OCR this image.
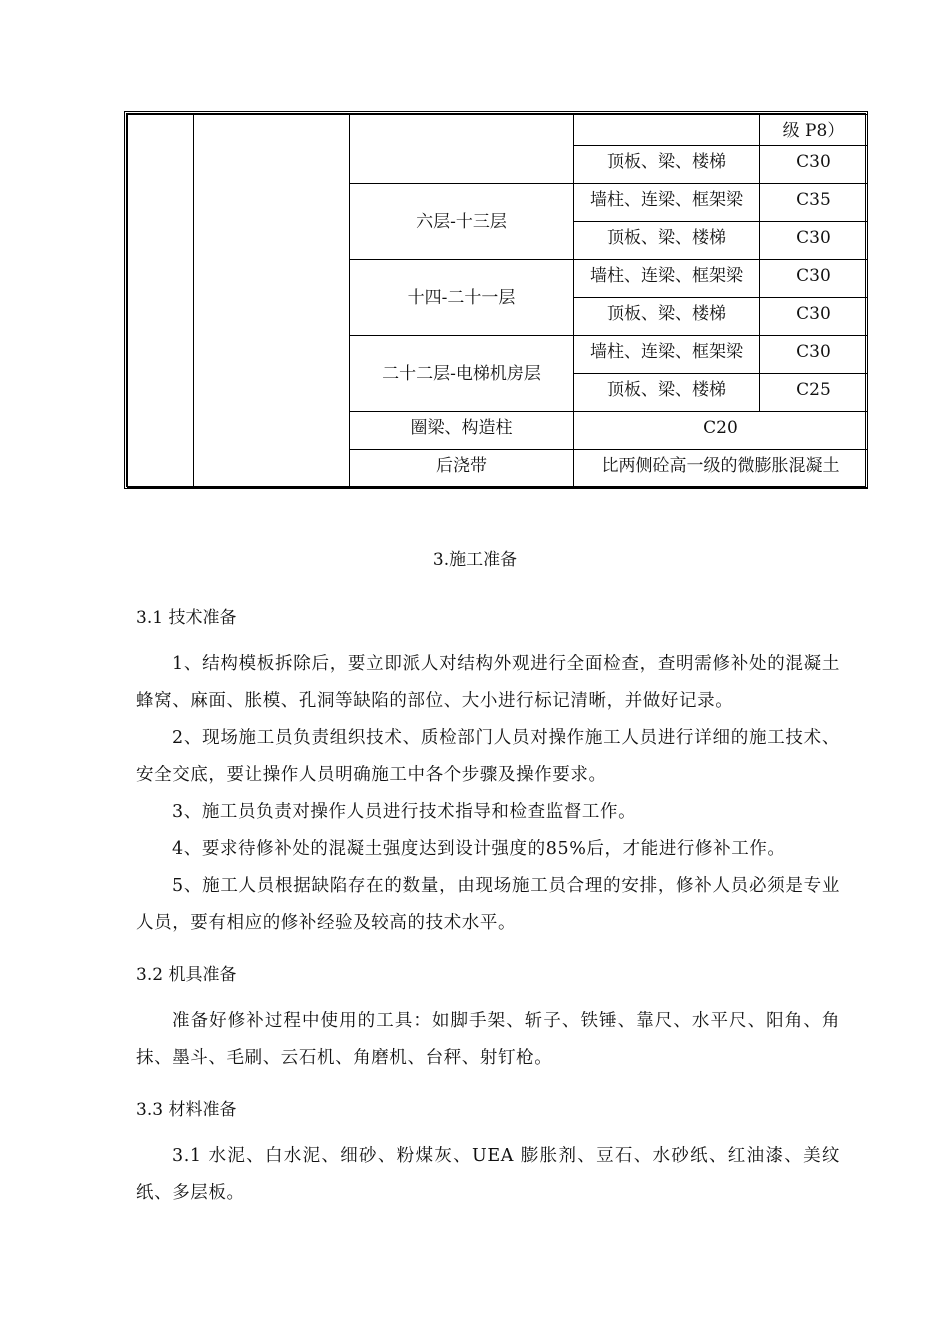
				级 P8）
			顶板、梁、楼梯	C30
		六层-十三层	墙柱、连梁、框架梁	C35
			顶板、梁、楼梯	C30
		十四-二十一层	墙柱、连梁、框架梁	C30
			顶板、梁、楼梯	C30
		二十二层-电梯机房层	墙柱、连梁、框架梁	C30
			顶板、梁、楼梯	C25
		圈梁、构造柱	C20	
		后浇带	比两侧砼高一级的微膨胀混凝土	
3.施工准备
3.1 技术准备
1、结构模板拆除后，要立即派人对结构外观进行全面检查，查明需修补处的混凝土蜂窝、麻面、胀模、孔洞等缺陷的部位、大小进行标记清晰，并做好记录。
2、现场施工员负责组织技术、质检部门人员对操作施工人员进行详细的施工技术、安全交底，要让操作人员明确施工中各个步骤及操作要求。
3、施工员负责对操作人员进行技术指导和检查监督工作。
4、要求待修补处的混凝土强度达到设计强度的85%后，才能进行修补工作。
5、施工人员根据缺陷存在的数量，由现场施工员合理的安排，修补人员必须是专业人员，要有相应的修补经验及较高的技术水平。
3.2 机具准备
准备好修补过程中使用的工具：如脚手架、斩子、铁锤、靠尺、水平尺、阳角、角抹、墨斗、毛刷、云石机、角磨机、台秤、射钉枪。
3.3 材料准备
3.1 水泥、白水泥、细砂、粉煤灰、UEA 膨胀剂、豆石、水砂纸、红油漆、美纹纸、多层板。
